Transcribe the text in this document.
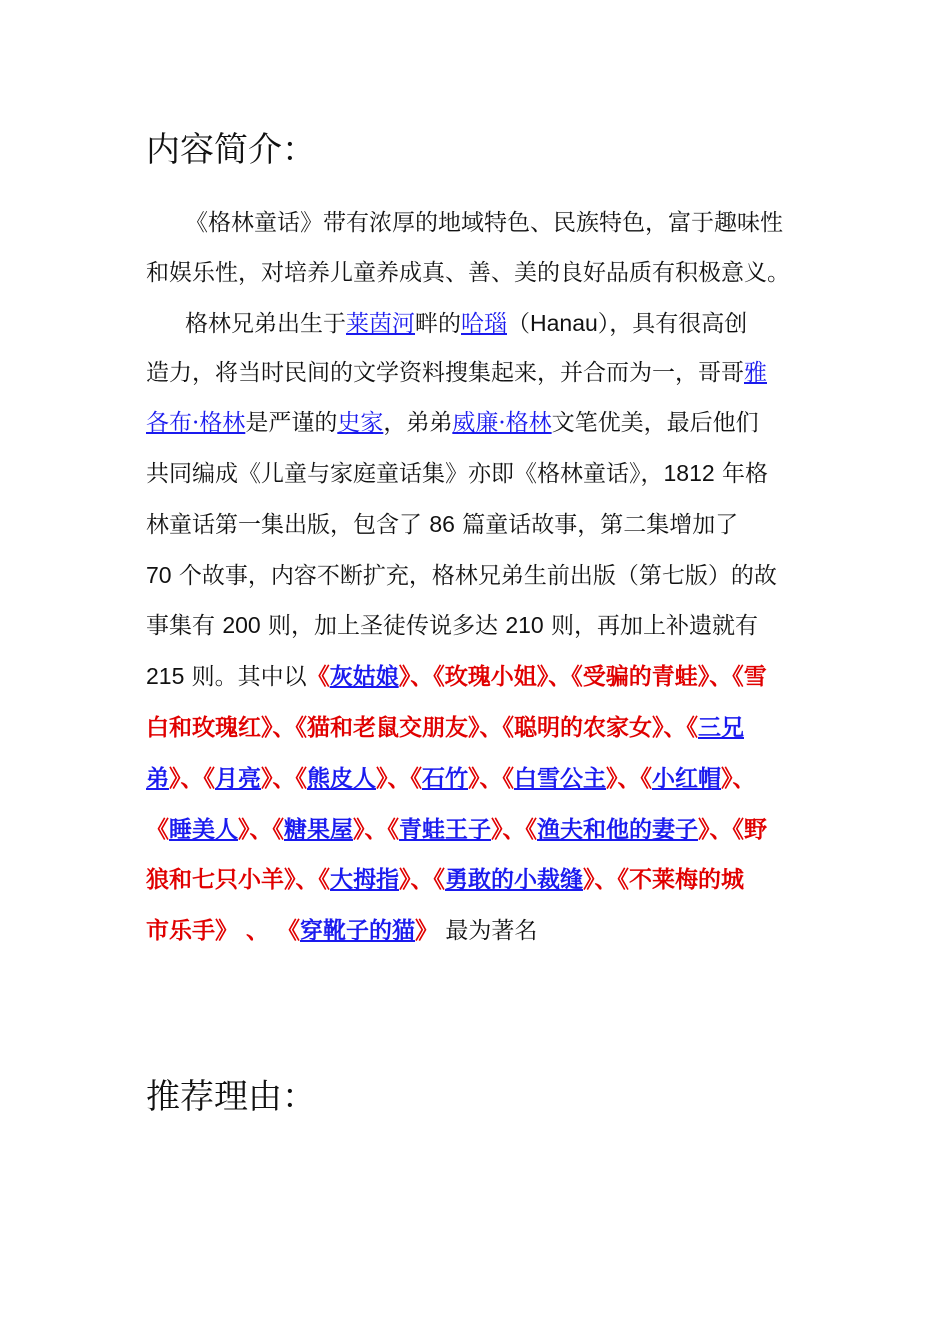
内容简介：

《格林童话》带有浓厚的地域特色、民族特色，富于趣味性
和娱乐性，对培养儿童养成真、善、美的良好品质有积极意义。

格林兄弟出生于莱茵河畔的哈瑙（Hanau），具有很高创
造力，将当时民间的文学资料搜集起来，并合而为一，哥哥雅
各布·格林是严谨的史家，弟弟威廉·格林文笔优美，最后他们
共同编成《儿童与家庭童话集》亦即《格林童话》，1812 年格
林童话第一集出版，包含了 86 篇童话故事，第二集增加了
70 个故事，内容不断扩充，格林兄弟生前出版（第七版）的故
事集有 200 则，加上圣徒传说多达 210 则，再加上补遗就有
215 则。其中以《灰姑娘》、《玫瑰小姐》、《受骗的青蛙》、《雪
白和玫瑰红》、《猫和老鼠交朋友》、《聪明的农家女》、《三兄
弟》、《月亮》、《熊皮人》、《石竹》、《白雪公主》、《小红帽》、
《睡美人》、《糖果屋》、《青蛙王子》、《渔夫和他的妻子》、《野
狼和七只小羊》、《大拇指》、《勇敢的小裁缝》、《不莱梅的城
市乐手》 、 《穿靴子的猫》 最为著名

推荐理由：
